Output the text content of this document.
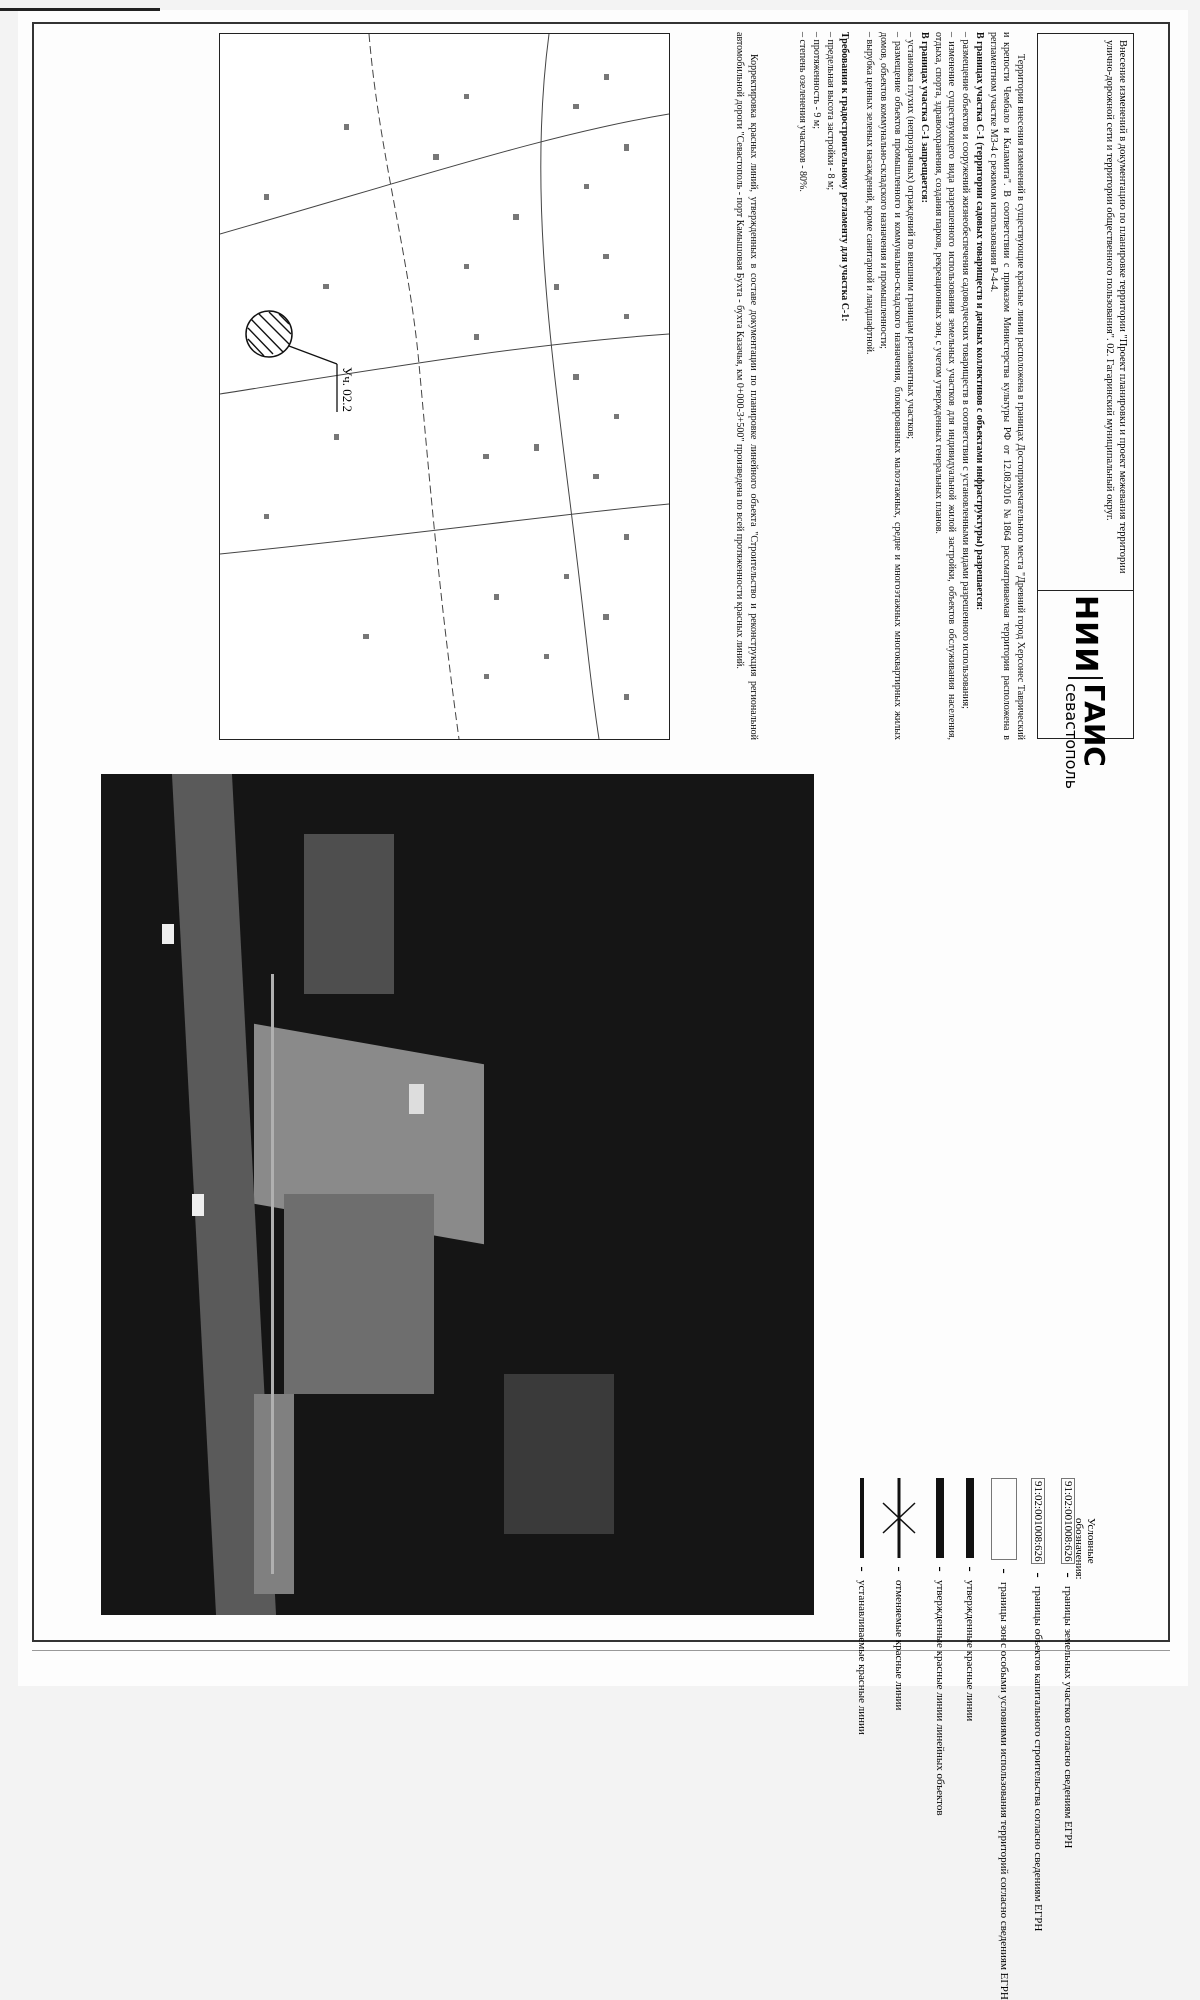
Внесение изменений в документацию по планировке территории "Проект планировки и проект межевания территории улично-дорожной сети и территории общественного пользования". 02. Гагаринский муниципальный округ.
НИИ
ГАИС
севастополь

Территория внесения изменений в существующие красные линии расположена в границах Достопримечательного места "Древний город Херсонес Таврический и крепости Чембало и Каламита". В соответствии с приказом Министерства культуры РФ от 12.08.2016 №1864 рассматриваемая территория расположена в регламентном участке М3-4 с режимом использования Р-4-4.

В границах участка С-1 (территории садовых товариществ и дачных коллективов с объектами инфраструктуры) разрешается:

– размещение объектов и сооружений жизнеобеспечения садоводческих товариществ в соответствии с установленными видами разрешенного использования;

– изменение существующего вида разрешенного использования земельных участков для индивидуальной жилой застройки, объектов обслуживания населения, отдыха, спорта, здравоохранения, создания парков, рекреационных зон, с учетом утвержденных генеральных планов.

В границах участка С-1 запрещается:

– установка глухих (непрозрачных) ограждений по внешним границам регламентных участков;

– размещение объектов промышленного и коммунально-складского назначения, блокированных малоэтажных, средне и многоэтажных многоквартирных жилых домов, объектов коммунально-складского назначения и промышленности;

– вырубка ценных зеленых насаждений, кроме санитарной и ландшафтной.

Требования к градостроительному регламенту для участка С-1:

– предельная высота застройки - 8 м;

– протяженность - 9 м;

– степень озеленения участков - 80%.

Корректировка красных линий, утвержденных в составе документации по планировке линейного объекта "Строительство и реконструкция региональной автомобильной дороги "Севастополь - порт Камышовая Бухта - бухта Казачья, км 0+000-3+500" произведена по всей протяженности красных линий.

Уч. 02.2
Условные обозначения:
91:02:001008:626
-
границы земельных участков согласно сведениям ЕГРН
91:02:001008:626
-
границы объектов капитального строительства согласно сведениям ЕГРН
-
границы зон с особыми условиями использования территорий согласно сведениям ЕГРН
-
утвержденные красные линии
-
утвержденные красные линии линейных объектов
-
отменяемые красные линии
-
устанавливаемые красные линии
